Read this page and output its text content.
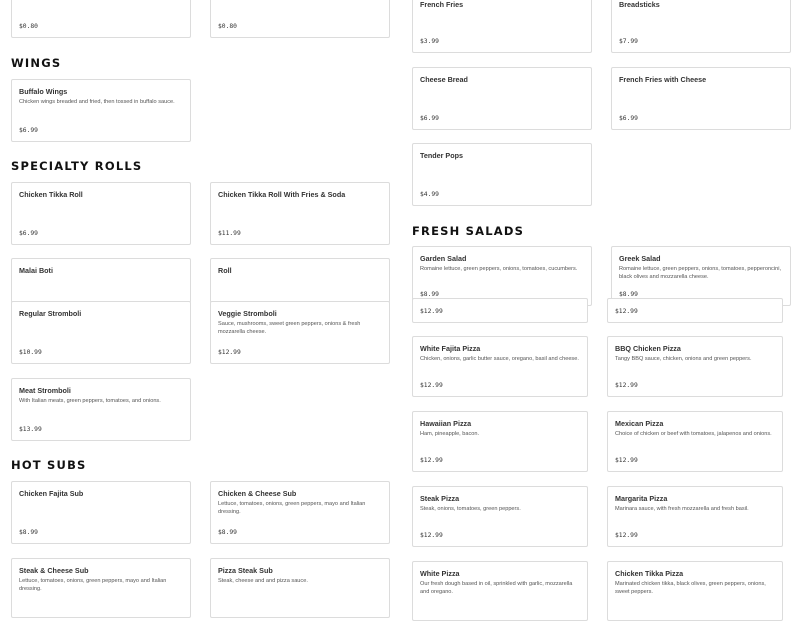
$0.80	$0.80
WINGS
Buffalo Wings
Chicken wings breaded and fried, then tossed in buffalo sauce.
$6.99
SPECIALTY ROLLS
Chicken Tikka Roll
$6.99
Chicken Tikka Roll With Fries & Soda
$11.99
Malai Boti	Roll
Regular Stromboli
$10.99
Veggie Stromboli
Sauce, mushrooms, sweet green peppers, onions & fresh mozzarella cheese.
$12.99
Meat Stromboli
With Italian meats, green peppers, tomatoes, and onions.
$13.99
HOT SUBS
Chicken Fajita Sub
$8.99
Chicken & Cheese Sub
Lettuce, tomatoes, onions, green peppers, mayo and Italian dressing.
$8.99
Steak & Cheese Sub
Lettuce, tomatoes, onions, green peppers, mayo and Italian dressing.
Pizza Steak Sub
Steak, cheese and and pizza sauce.
French Fries
$3.99
Breadsticks
$7.99
Cheese Bread
$6.99
French Fries with Cheese
$6.99
Tender Pops
$4.99
FRESH SALADS
Garden Salad
Romaine lettuce, green peppers, onions, tomatoes, cucumbers.
$8.99
Greek Salad
Romaine lettuce, green peppers, onions, tomatoes, pepperoncini, black olives and mozzarella cheese.
$8.99
$12.99	$12.99
White Fajita Pizza
Chicken, onions, garlic butter sauce, oregano, basil and cheese.
$12.99
BBQ Chicken Pizza
Tangy BBQ sauce, chicken, onions and green peppers.
$12.99
Hawaiian Pizza
Ham, pineapple, bacon.
$12.99
Mexican Pizza
Choice of chicken or beef with tomatoes, jalapenos and onions.
$12.99
Steak Pizza
Steak, onions, tomatoes, green peppers.
$12.99
Margarita Pizza
Marinara sauce, with fresh mozzarella and fresh basil.
$12.99
White Pizza
Our fresh dough based in oil, sprinkled with garlic, mozzarella and oregano.
Chicken Tikka Pizza
Marinated chicken tikka, black olives, green peppers, onions, sweet peppers.
